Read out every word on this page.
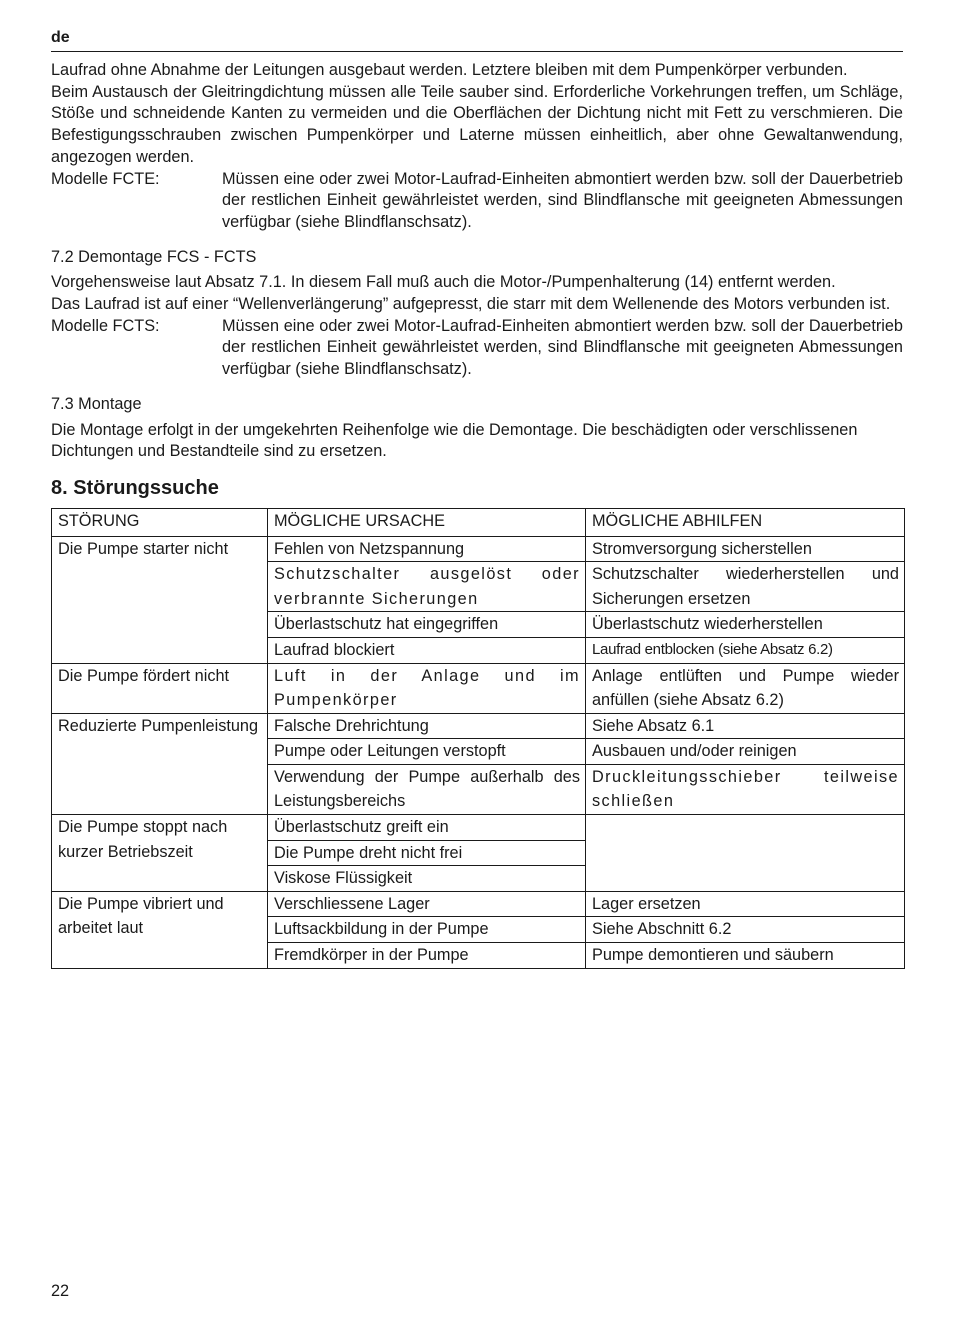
de

Laufrad ohne Abnahme der Leitungen ausgebaut werden. Letztere bleiben mit dem Pumpenkörper verbunden.

Beim Austausch der Gleitringdichtung müssen alle Teile sauber sind. Erforderliche Vorkehrungen treffen, um Schläge, Stöße und schneidende Kanten zu vermeiden und die Oberflächen der Dichtung nicht mit Fett zu verschmieren. Die Befestigungsschrauben zwischen Pumpenkörper und Laterne müssen einheitlich, aber ohne Gewaltanwendung, angezogen werden.

Modelle FCTE:	Müssen eine oder zwei Motor-Laufrad-Einheiten abmontiert werden bzw. soll der Dauerbetrieb der restlichen Einheit gewährleistet werden, sind Blindflansche mit geeigneten Abmessungen verfügbar (siehe Blindflanschsatz).
7.2 Demontage FCS - FCTS

Vorgehensweise laut Absatz 7.1. In diesem Fall muß auch die Motor-/Pumpenhalterung (14) entfernt werden.

Das Laufrad ist auf einer “Wellenverlängerung” aufgepresst, die starr mit dem Wellenende des Motors verbunden ist.

Modelle FCTS:	Müssen eine oder zwei Motor-Laufrad-Einheiten abmontiert werden bzw. soll der Dauerbetrieb der restlichen Einheit gewährleistet werden, sind Blindflansche mit geeigneten Abmessungen verfügbar (siehe Blindflanschsatz).
7.3 Montage

Die Montage erfolgt in der umgekehrten Reihenfolge wie die Demontage. Die beschädigten oder verschlissenen Dichtungen und Bestandteile sind zu ersetzen.

8. Störungssuche
STÖRUNG	MÖGLICHE URSACHE	MÖGLICHE ABHILFEN
Die Pumpe starter nicht	Fehlen von Netzspannung	Stromversorgung sicherstellen
	Schutzschalter ausgelöst oder verbrannte Sicherungen	Schutzschalter wiederherstellen und Sicherungen ersetzen
	Überlastschutz hat eingegriffen	Überlastschutz wiederherstellen
	Laufrad blockiert	Laufrad entblocken (siehe Absatz 6.2)
Die Pumpe fördert nicht	Luft in der Anlage und im Pumpenkörper	Anlage entlüften und Pumpe wieder anfüllen (siehe Absatz 6.2)
Reduzierte Pumpenleistung	Falsche Drehrichtung	Siehe Absatz 6.1
	Pumpe oder Leitungen verstopft	Ausbauen und/oder reinigen
	Verwendung der Pumpe außerhalb des Leistungsbereichs	Druckleitungsschieber teilweise schließen
Die Pumpe stoppt nach kurzer Betriebszeit	Überlastschutz greift ein	
	Die Pumpe dreht nicht frei	
	Viskose Flüssigkeit	
Die Pumpe vibriert und arbeitet laut	Verschliessene Lager	Lager ersetzen
	Luftsackbildung in der Pumpe	Siehe Abschnitt 6.2
	Fremdkörper in der Pumpe	Pumpe demontieren und säubern
22
